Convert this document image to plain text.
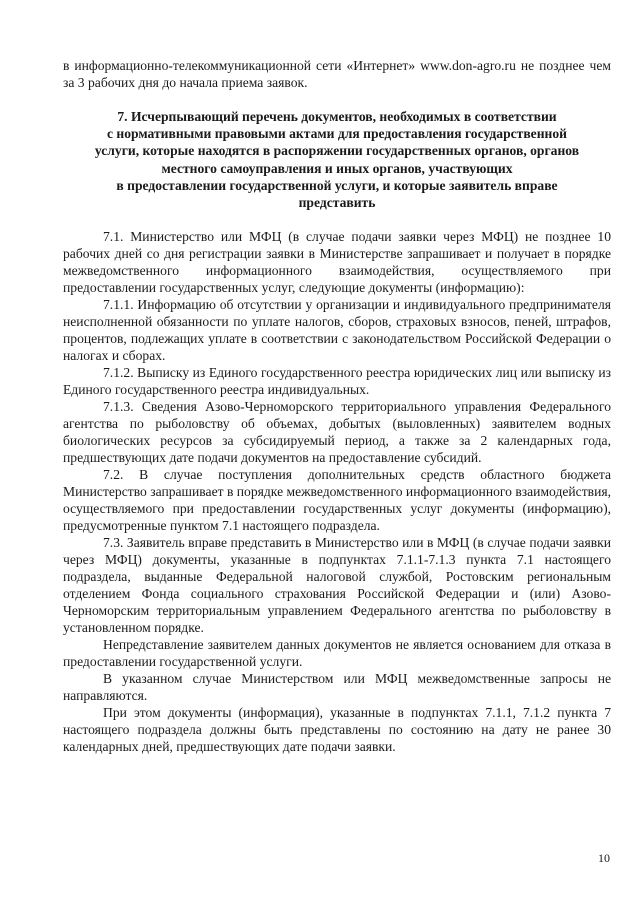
в информационно-телекоммуникационной сети «Интернет» www.don-agro.ru не позднее чем за 3 рабочих дня до начала приема заявок.

7. Исчерпывающий перечень документов, необходимых в соответствии
с нормативными правовыми актами для предоставления государственной
услуги, которые находятся в распоряжении государственных органов, органов
местного самоуправления и иных органов, участвующих
в предоставлении государственной услуги, и которые заявитель вправе
представить

7.1. Министерство или МФЦ (в случае подачи заявки через МФЦ) не позднее 10 рабочих дней со дня регистрации заявки в Министерстве запрашивает и получает в порядке межведомственного информационного взаимодействия, осуществляемого при предоставлении государственных услуг, следующие документы (информацию):

7.1.1. Информацию об отсутствии у организации и индивидуального предпринимателя неисполненной обязанности по уплате налогов, сборов, страховых взносов, пеней, штрафов, процентов, подлежащих уплате в соответствии с законодательством Российской Федерации о налогах и сборах.

7.1.2. Выписку из Единого государственного реестра юридических лиц или выписку из Единого государственного реестра индивидуальных.

7.1.3. Сведения Азово-Черноморского территориального управления Федерального агентства по рыболовству об объемах, добытых (выловленных) заявителем водных биологических ресурсов за субсидируемый период, а также за 2 календарных года, предшествующих дате подачи документов на предоставление субсидий.

7.2. В случае поступления дополнительных средств областного бюджета Министерство запрашивает в порядке межведомственного информационного взаимодействия, осуществляемого при предоставлении государственных услуг документы (информацию), предусмотренные пунктом 7.1 настоящего подраздела.

7.3. Заявитель вправе представить в Министерство или в МФЦ (в случае подачи заявки через МФЦ) документы, указанные в подпунктах 7.1.1-7.1.3 пункта 7.1 настоящего подраздела, выданные Федеральной налоговой службой, Ростовским региональным отделением Фонда социального страхования Российской Федерации и (или) Азово-Черноморским территориальным управлением Федерального агентства по рыболовству в установленном порядке.

Непредставление заявителем данных документов не является основанием для отказа в предоставлении государственной услуги.

В указанном случае Министерством или МФЦ межведомственные запросы не направляются.

При этом документы (информация), указанные в подпунктах 7.1.1, 7.1.2 пункта 7 настоящего подраздела должны быть представлены по состоянию на дату не ранее 30 календарных дней, предшествующих дате подачи заявки.

10
